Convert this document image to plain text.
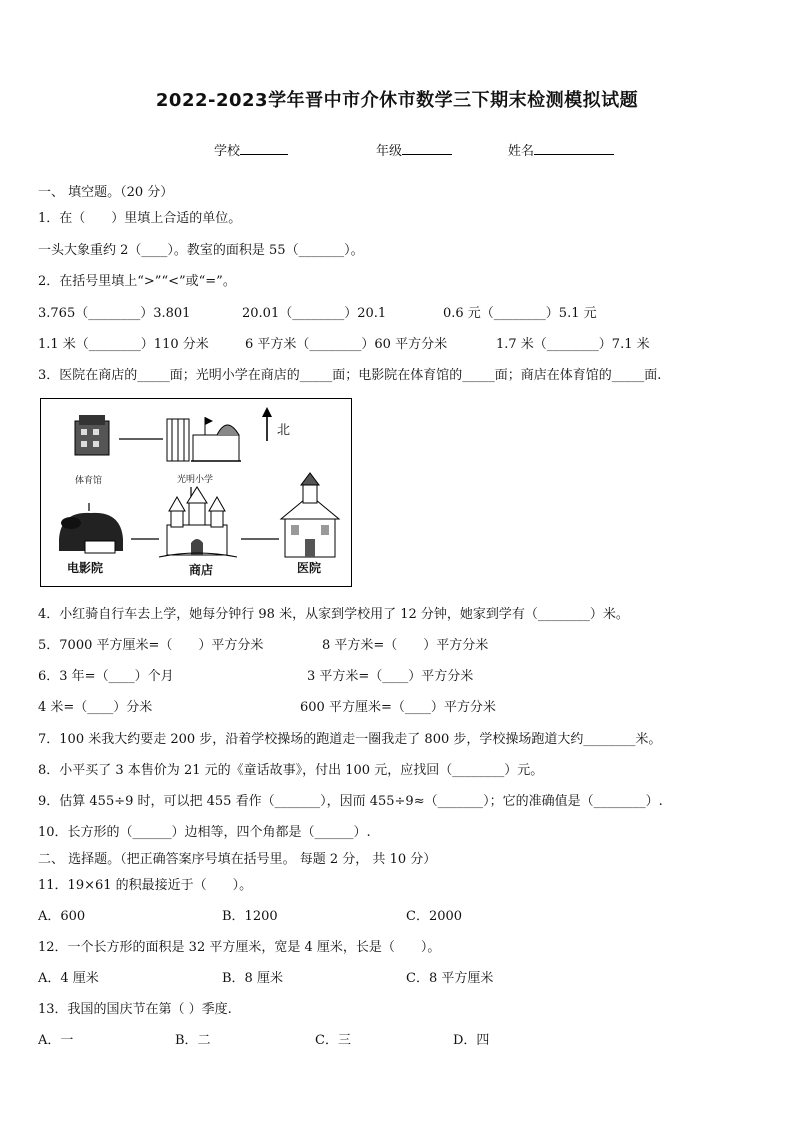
2022-2023学年晋中市介休市数学三下期末检测模拟试题
学校	年级	姓名
一、 填空题。（20 分）
1．在（　　）里填上合适的单位。
一头大象重约 2（____）。教室的面积是 55（_______）。
2．在括号里填上“>”“<”或“=”。
3.765（________）3.801	20.01（________）20.1	0.6 元（________）5.1 元
1.1 米（________）110 分米	6 平方米（________）60 平方分米	1.7 米（________）7.1 米
3．医院在商店的_____面；光明小学在商店的_____面；电影院在体育馆的_____面；商店在体育馆的_____面.
体育馆	光明小学
北
电影院	商店	医院
4．小红骑自行车去上学，她每分钟行 98 米，从家到学校用了 12 分钟，她家到学有（________）米。
5．7000 平方厘米=（　　）平方分米	8 平方米=（　　）平方分米
6．3 年=（____）个月	3 平方米=（____）平方分米
4 米=（____）分米	600 平方厘米=（____）平方分米
7．100 米我大约要走 200 步，沿着学校操场的跑道走一圈我走了 800 步，学校操场跑道大约________米。
8．小平买了 3 本售价为 21 元的《童话故事》，付出 100 元，应找回（________）元。
9．估算 455÷9 时，可以把 455 看作（_______），因而 455÷9≈（_______）；它的准确值是（________）.
10．长方形的（______）边相等，四个角都是（______）.
二、 选择题。（把正确答案序号填在括号里。 每题 2 分， 共 10 分）
11．19×61 的积最接近于（　　）。
A．600	B．1200	C．2000
12．一个长方形的面积是 32 平方厘米，宽是 4 厘米，长是（　　）。
A．4 厘米	B．8 厘米	C．8 平方厘米
13．我国的国庆节在第（ ）季度.
A．一	B．二	C．三	D．四
